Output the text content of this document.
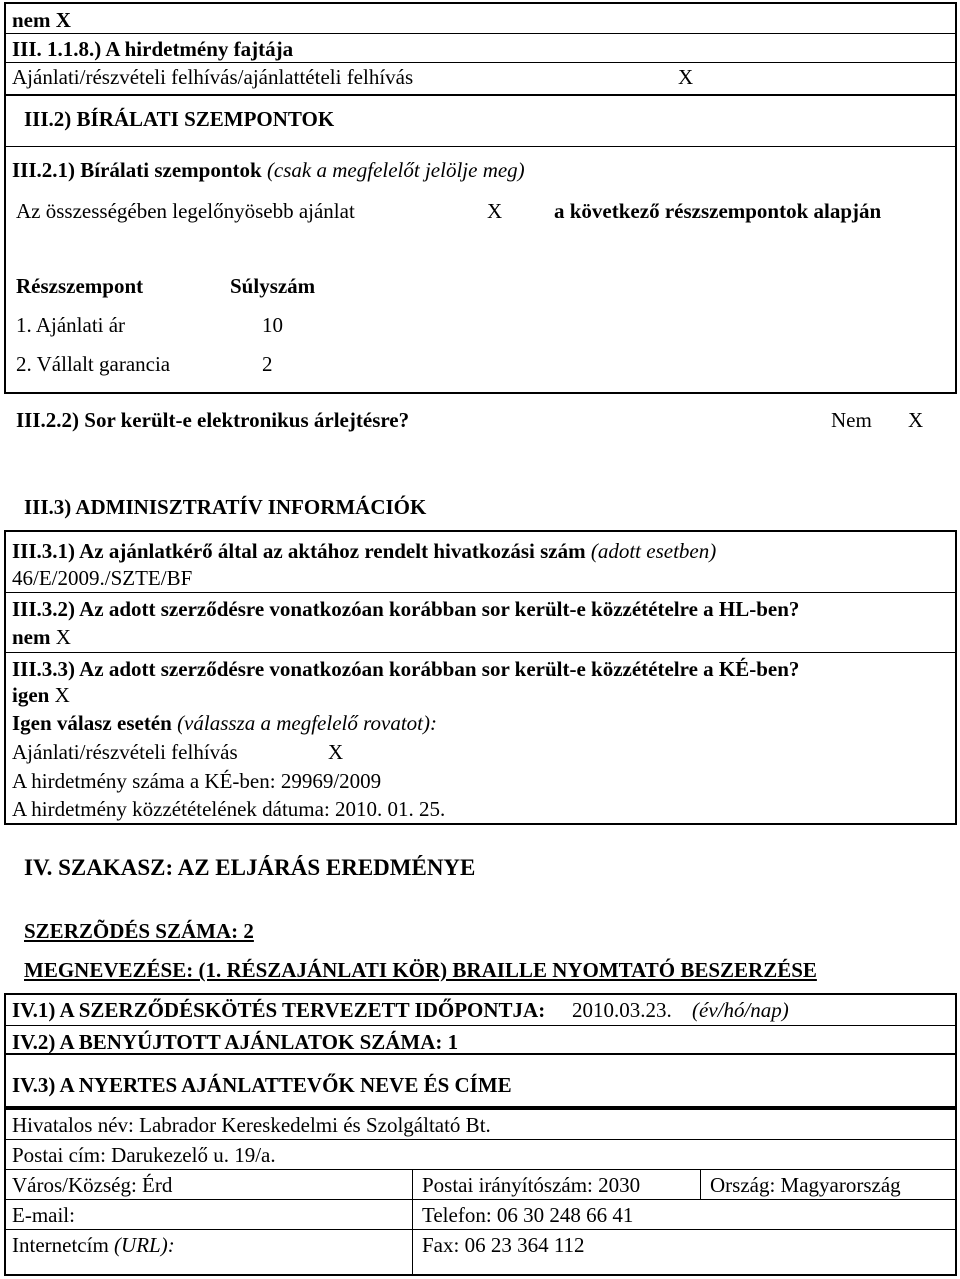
nem X
III. 1.1.8.) A hirdetmény fajtája
Ajánlati/részvételi felhívás/ajánlattételi felhívás	X
III.2) BÍRÁLATI SZEMPONTOK
III.2.1) Bírálati szempontok (csak a megfelelőt jelölje meg)
Az összességében legelőnyösebb ajánlat	X a következő részszempontok alapján
Részszempont	Súlyszám
1. Ajánlati ár	10
2. Vállalt garancia	2
III.2.2) Sor került-e elektronikus árlejtésre?	Nem X
III.3) ADMINISZTRATÍV INFORMÁCIÓK
III.3.1) Az ajánlatkérő által az aktához rendelt hivatkozási szám (adott esetben)
46/E/2009./SZTE/BF
III.3.2) Az adott szerződésre vonatkozóan korábban sor került-e közzétételre a HL-ben?
nem X
III.3.3) Az adott szerződésre vonatkozóan korábban sor került-e közzétételre a KÉ-ben?
igen X
Igen válasz esetén (válassza a megfelelő rovatot):
Ajánlati/részvételi felhívás	X
A hirdetmény száma a KÉ-ben: 29969/2009
A hirdetmény közzétételének dátuma: 2010. 01. 25.
IV. SZAKASZ: AZ ELJÁRÁS EREDMÉNYE
SZERZÕDÉS SZÁMA: 2
MEGNEVEZÉSE: (1. RÉSZAJÁNLATI KÖR) BRAILLE NYOMTATÓ BESZERZÉSE
IV.1) A SZERZŐDÉSKÖTÉS TERVEZETT IDŐPONTJA: 2010.03.23. (év/hó/nap)
IV.2) A BENYÚJTOTT AJÁNLATOK SZÁMA: 1
IV.3) A NYERTES AJÁNLATTEVŐK NEVE ÉS CÍME
Hivatalos név: Labrador Kereskedelmi és Szolgáltató Bt.
Postai cím: Darukezelő u. 19/a.
Város/Község: Érd	Postai irányítószám: 2030	Ország: Magyarország
E-mail:	Telefon: 06 30 248 66 41
Internetcím (URL):	Fax: 06 23 364 112
